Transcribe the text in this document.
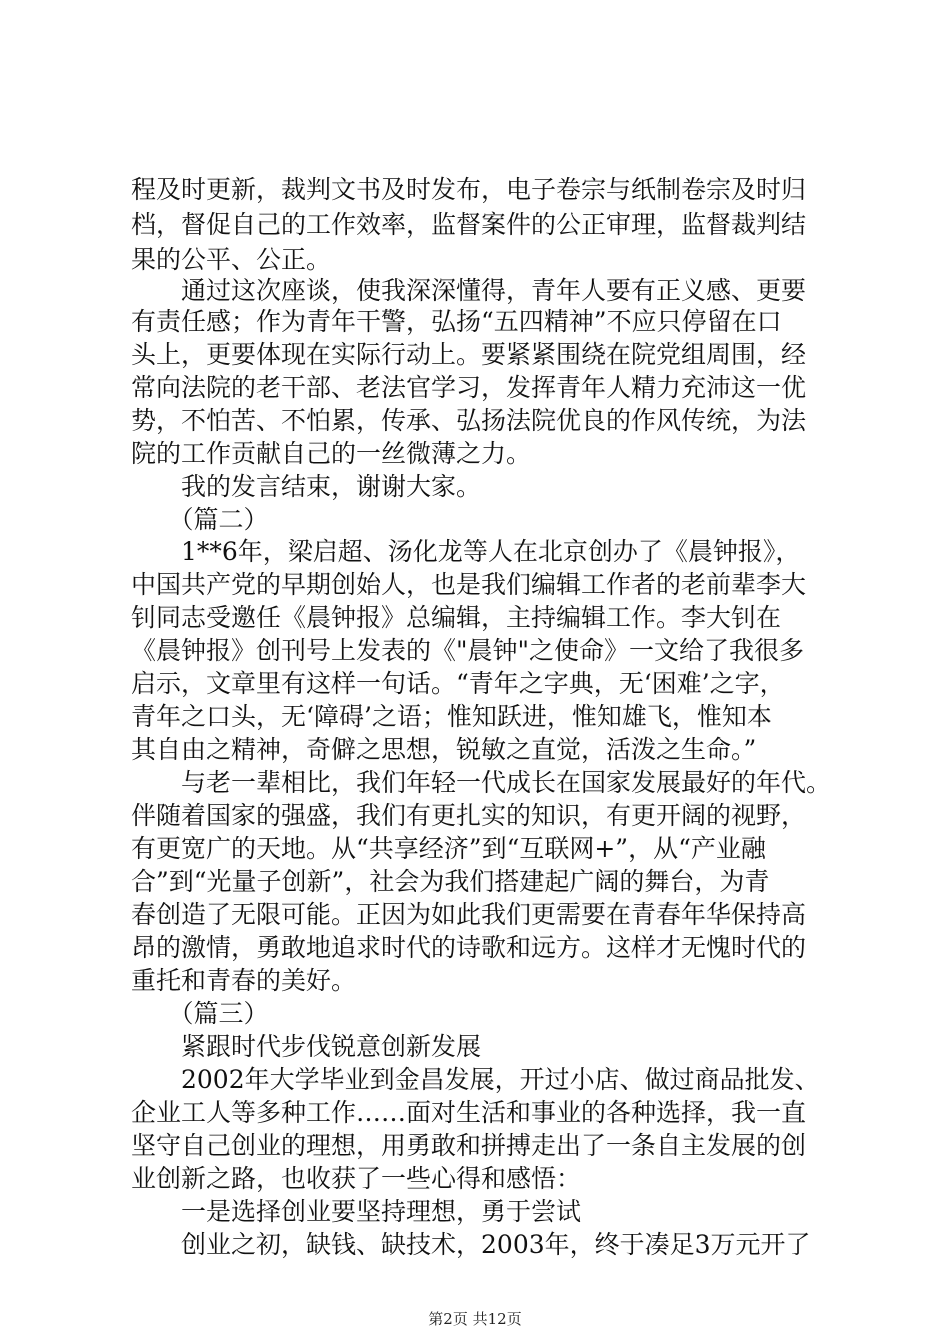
程及时更新，裁判文书及时发布，电子卷宗与纸制卷宗及时归
档，督促自己的工作效率，监督案件的公正审理，监督裁判结
果的公平、公正。
　　通过这次座谈，使我深深懂得，青年人要有正义感、更要
有责任感；作为青年干警，弘扬“五四精神”不应只停留在口
头上，更要体现在实际行动上。要紧紧围绕在院党组周围，经
常向法院的老干部、老法官学习，发挥青年人精力充沛这一优
势，不怕苦、不怕累，传承、弘扬法院优良的作风传统，为法
院的工作贡献自己的一丝微薄之力。
　　我的发言结束，谢谢大家。
　　（篇二）
　　1**6年，梁启超、汤化龙等人在北京创办了《晨钟报》，
中国共产党的早期创始人，也是我们编辑工作者的老前辈李大
钊同志受邀任《晨钟报》总编辑，主持编辑工作。李大钊在
《晨钟报》创刊号上发表的《"晨钟"之使命》一文给了我很多
启示，文章里有这样一句话。“青年之字典，无‘困难’之字，
青年之口头，无‘障碍’之语；惟知跃进，惟知雄飞，惟知本
其自由之精神，奇僻之思想，锐敏之直觉，活泼之生命。”
　　与老一辈相比，我们年轻一代成长在国家发展最好的年代。
伴随着国家的强盛，我们有更扎实的知识，有更开阔的视野，
有更宽广的天地。从“共享经济”到“互联网+”，从“产业融
合”到“光量子创新”，社会为我们搭建起广阔的舞台，为青
春创造了无限可能。正因为如此我们更需要在青春年华保持高
昂的激情，勇敢地追求时代的诗歌和远方。这样才无愧时代的
重托和青春的美好。
　　（篇三）
　　紧跟时代步伐锐意创新发展
　　2002年大学毕业到金昌发展，开过小店、做过商品批发、
企业工人等多种工作……面对生活和事业的各种选择，我一直
坚守自己创业的理想，用勇敢和拼搏走出了一条自主发展的创
业创新之路，也收获了一些心得和感悟：
　　一是选择创业要坚持理想，勇于尝试
　　创业之初，缺钱、缺技术，2003年，终于凑足3万元开了
第2页 共12页
